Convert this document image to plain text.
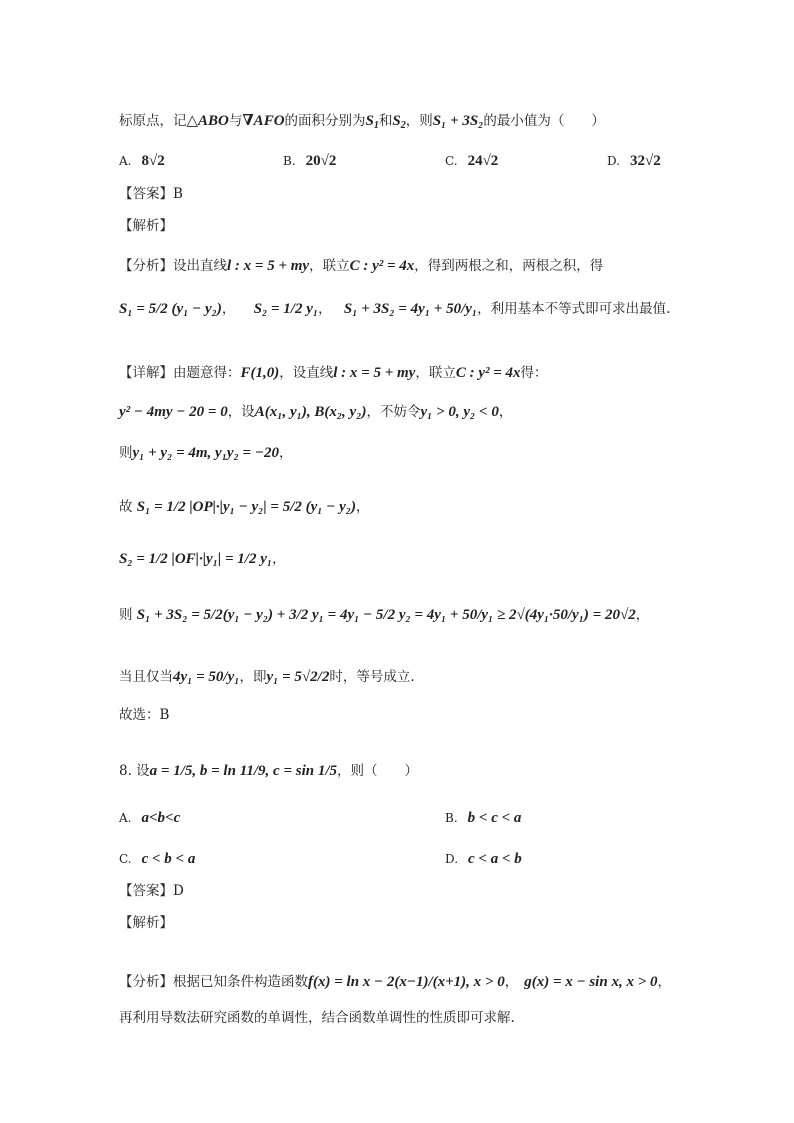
标原点，记△ABO与∇AFO的面积分别为$S_1$和$S_2$，则S₁ + 3S₂的最小值为（　　）
A. 8√2	B. 20√2	C. 24√2	D. 32√2
【答案】B
【解析】
【分析】设出直线l : x = 5 + my，联立C : y² = 4x，得到两根之和，两根之积，得
S₁ = 5/2 (y₁ − y₂)， S₂ = 1/2 y₁， S₁ + 3S₂ = 4y₁ + 50/y₁，利用基本不等式即可求出最值.
【详解】由题意得：F(1,0)，设直线l : x = 5 + my，联立C : y² = 4x得：
y² − 4my − 20 = 0，设A(x₁, y₁), B(x₂, y₂)，不妨令y₁ > 0, y₂ < 0，
则y₁ + y₂ = 4m, y₁y₂ = −20，
故 S₁ = 1/2 |OP|·|y₁ − y₂| = 5/2 (y₁ − y₂)，
S₂ = 1/2 |OF|·|y₁| = 1/2 y₁，
则 S₁ + 3S₂ = 5/2(y₁ − y₂) + 3/2 y₁ = 4y₁ − 5/2 y₂ = 4y₁ + 50/y₁ ≥ 2√(4y₁·50/y₁) = 20√2，
当且仅当4y₁ = 50/y₁，即y₁ = 5√2/2时，等号成立.
故选：B
8. 设a = 1/5, b = ln 11/9, c = sin 1/5，则（　　）
A. a<b<c	B. b < c < a
C. c < b < a	D. c < a < b
【答案】D
【解析】
【分析】根据已知条件构造函数f(x) = ln x − 2(x−1)/(x+1), x > 0， g(x) = x − sin x, x > 0，
再利用导数法研究函数的单调性，结合函数单调性的性质即可求解.
